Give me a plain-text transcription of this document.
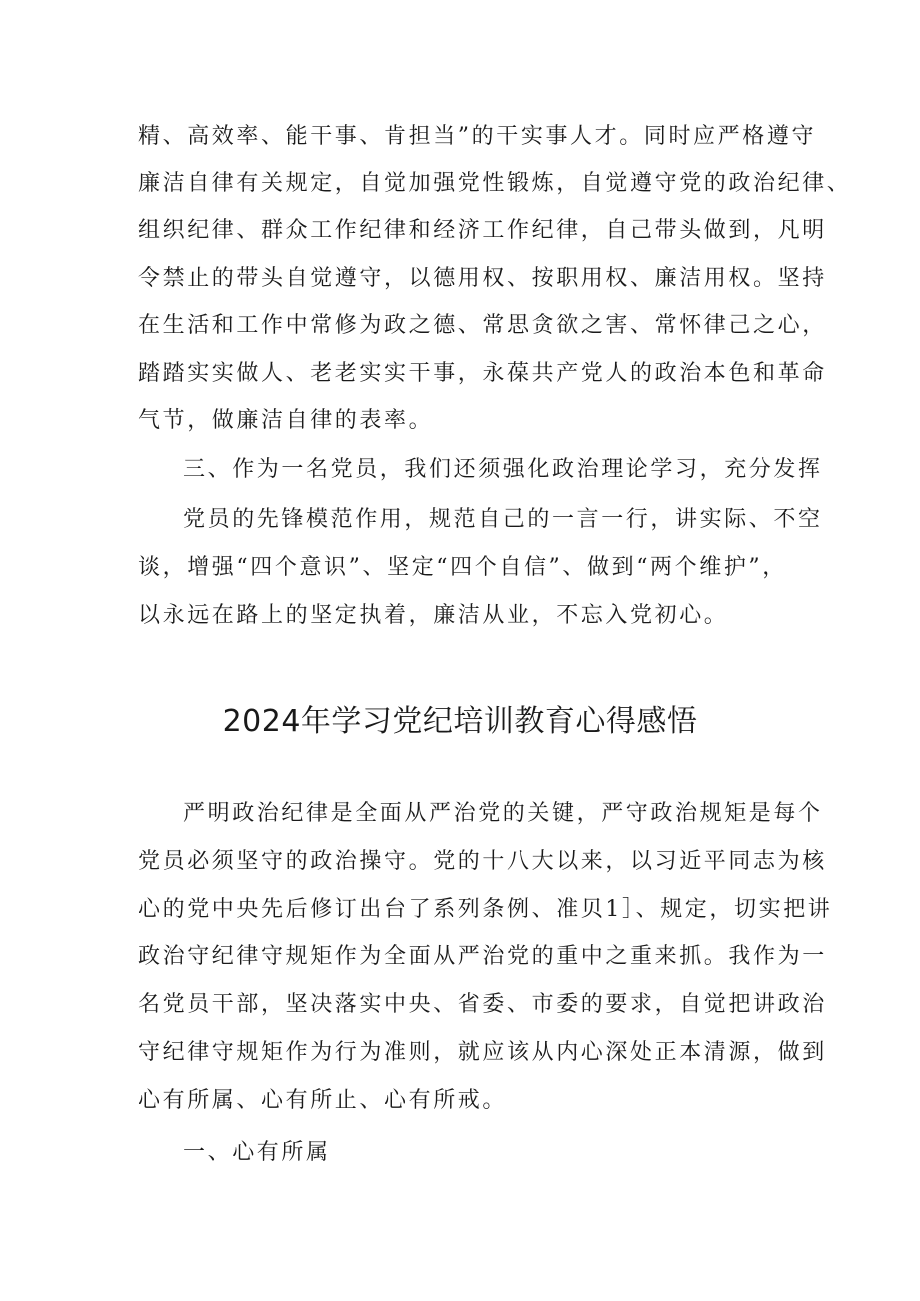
精、高效率、能干事、肯担当”的干实事人才。同时应严格遵守
廉洁自律有关规定，自觉加强党性锻炼，自觉遵守党的政治纪律、
组织纪律、群众工作纪律和经济工作纪律，自己带头做到，凡明
令禁止的带头自觉遵守，以德用权、按职用权、廉洁用权。坚持
在生活和工作中常修为政之德、常思贪欲之害、常怀律己之心，
踏踏实实做人、老老实实干事，永葆共产党人的政治本色和革命
气节，做廉洁自律的表率。
三、作为一名党员，我们还须强化政治理论学习，充分发挥
党员的先锋模范作用，规范自己的一言一行，讲实际、不空
谈，增强“四个意识”、坚定“四个自信”、做到“两个维护”，
以永远在路上的坚定执着，廉洁从业，不忘入党初心。
2024年学习党纪培训教育心得感悟
严明政治纪律是全面从严治党的关键，严守政治规矩是每个
党员必须坚守的政治操守。党的十八大以来，以习近平同志为核
心的党中央先后修订出台了系列条例、准贝1］、规定，切实把讲
政治守纪律守规矩作为全面从严治党的重中之重来抓。我作为一
名党员干部，坚决落实中央、省委、市委的要求，自觉把讲政治
守纪律守规矩作为行为准则，就应该从内心深处正本清源，做到
心有所属、心有所止、心有所戒。
一、心有所属
